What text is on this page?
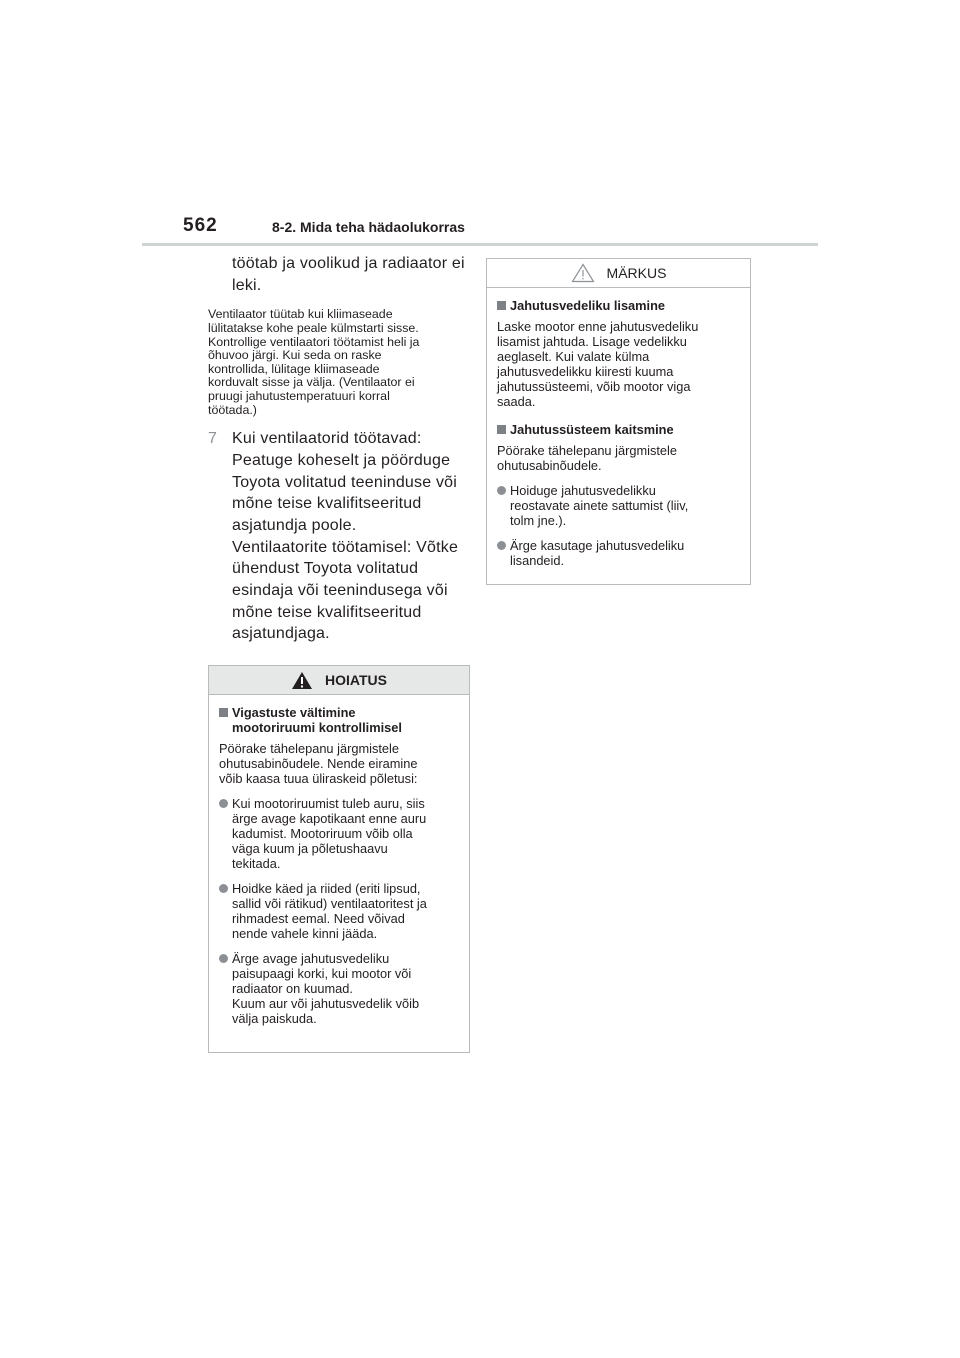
562	8-2. Mida teha hädaolukorras
töötab ja voolikud ja radiaator ei
leki.
Ventilaator tüütab kui kliimaseade
lülitatakse kohe peale külmstarti sisse.
Kontrollige ventilaatori töötamist heli ja
õhuvoo järgi. Kui seda on raske
kontrollida, lülitage kliimaseade
korduvalt sisse ja välja. (Ventilaator ei
pruugi jahutustemperatuuri korral
töötada.)
7 Kui ventilaatorid töötavad:
Peatuge koheselt ja pöörduge
Toyota volitatud teeninduse või
mõne teise kvalifitseeritud
asjatundja poole.
Ventilaatorite töötamisel: Võtke
ühendust Toyota volitatud
esindaja või teenindusega või
mõne teise kvalifitseeritud
asjatundjaga.
HOIATUS
Vigastuste vältimine
mootoriruumi kontrollimisel
Pöörake tähelepanu järgmistele
ohutusabinõudele. Nende eiramine
võib kaasa tuua üliraskeid põletusi:
Kui mootoriruumist tuleb auru, siis
ärge avage kapotikaant enne auru
kadumist. Mootoriruum võib olla
väga kuum ja põletushaavu
tekitada.
Hoidke käed ja riided (eriti lipsud,
sallid või rätikud) ventilaatoritest ja
rihmadest eemal. Need võivad
nende vahele kinni jääda.
Ärge avage jahutusvedeliku
paisupaagi korki, kui mootor või
radiaator on kuumad.
Kuum aur või jahutusvedelik võib
välja paiskuda.
MÄRKUS
Jahutusvedeliku lisamine
Laske mootor enne jahutusvedeliku
lisamist jahtuda. Lisage vedelikku
aeglaselt. Kui valate külma
jahutusvedelikku kiiresti kuuma
jahutussüsteemi, võib mootor viga
saada.
Jahutussüsteem kaitsmine
Pöörake tähelepanu järgmistele
ohutusabinõudele.
Hoiduge jahutusvedelikku
reostavate ainete sattumist (liiv,
tolm jne.).
Ärge kasutage jahutusvedeliku
lisandeid.
